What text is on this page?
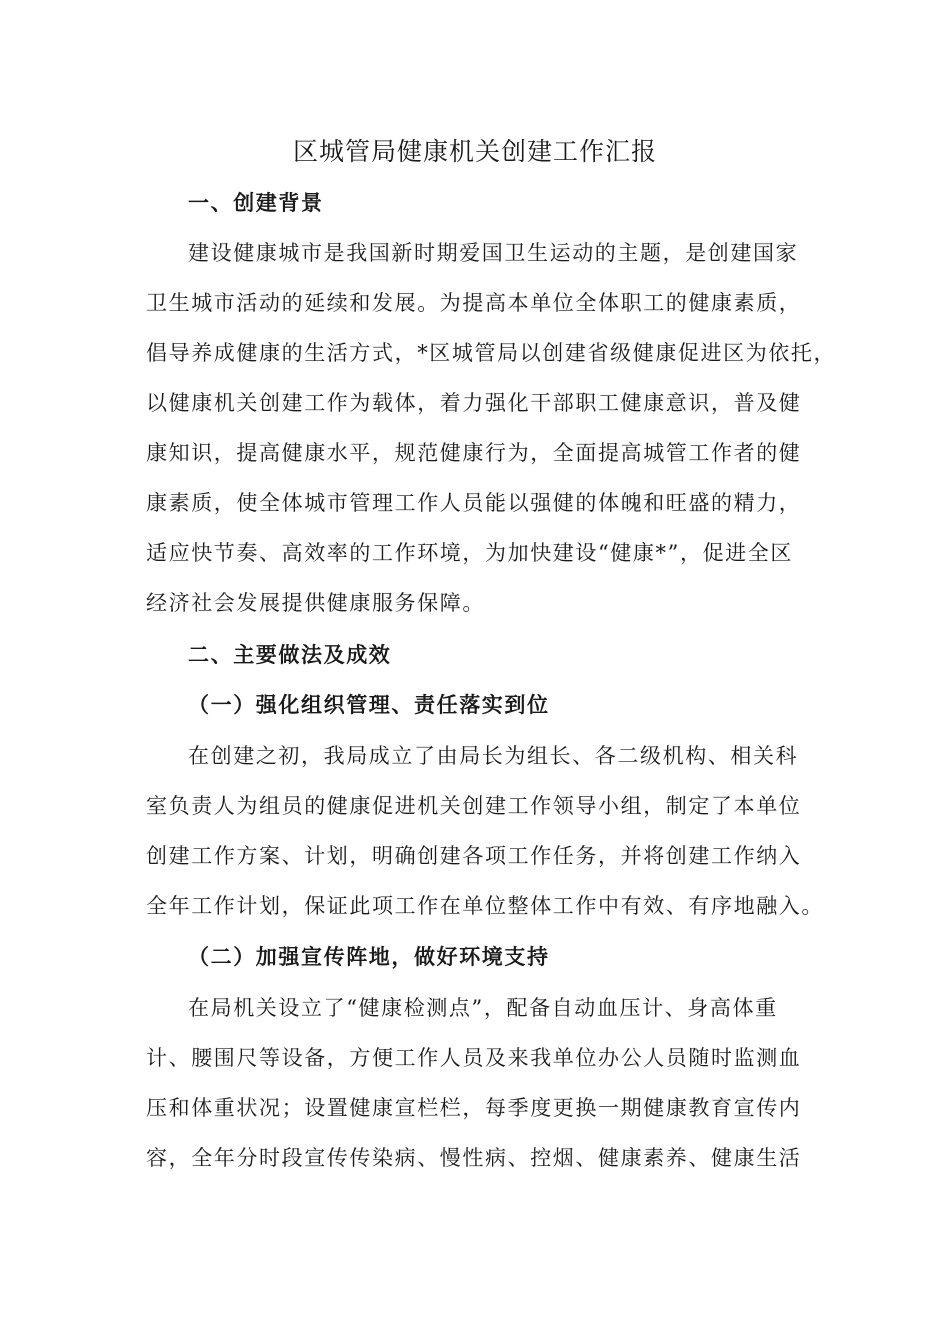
区城管局健康机关创建工作汇报

一、创建背景

建设健康城市是我国新时期爱国卫生运动的主题，是创建国家

卫生城市活动的延续和发展。为提高本单位全体职工的健康素质，

倡导养成健康的生活方式，*区城管局以创建省级健康促进区为依托，

以健康机关创建工作为载体，着力强化干部职工健康意识，普及健

康知识，提高健康水平，规范健康行为，全面提高城管工作者的健

康素质，使全体城市管理工作人员能以强健的体魄和旺盛的精力，

适应快节奏、高效率的工作环境，为加快建设“健康*”，促进全区

经济社会发展提供健康服务保障。

二、主要做法及成效

（一）强化组织管理、责任落实到位

在创建之初，我局成立了由局长为组长、各二级机构、相关科

室负责人为组员的健康促进机关创建工作领导小组，制定了本单位

创建工作方案、计划，明确创建各项工作任务，并将创建工作纳入

全年工作计划，保证此项工作在单位整体工作中有效、有序地融入。

（二）加强宣传阵地，做好环境支持

在局机关设立了“健康检测点”，配备自动血压计、身高体重

计、腰围尺等设备，方便工作人员及来我单位办公人员随时监测血

压和体重状况；设置健康宣栏栏，每季度更换一期健康教育宣传内

容，全年分时段宣传传染病、慢性病、控烟、健康素养、健康生活
